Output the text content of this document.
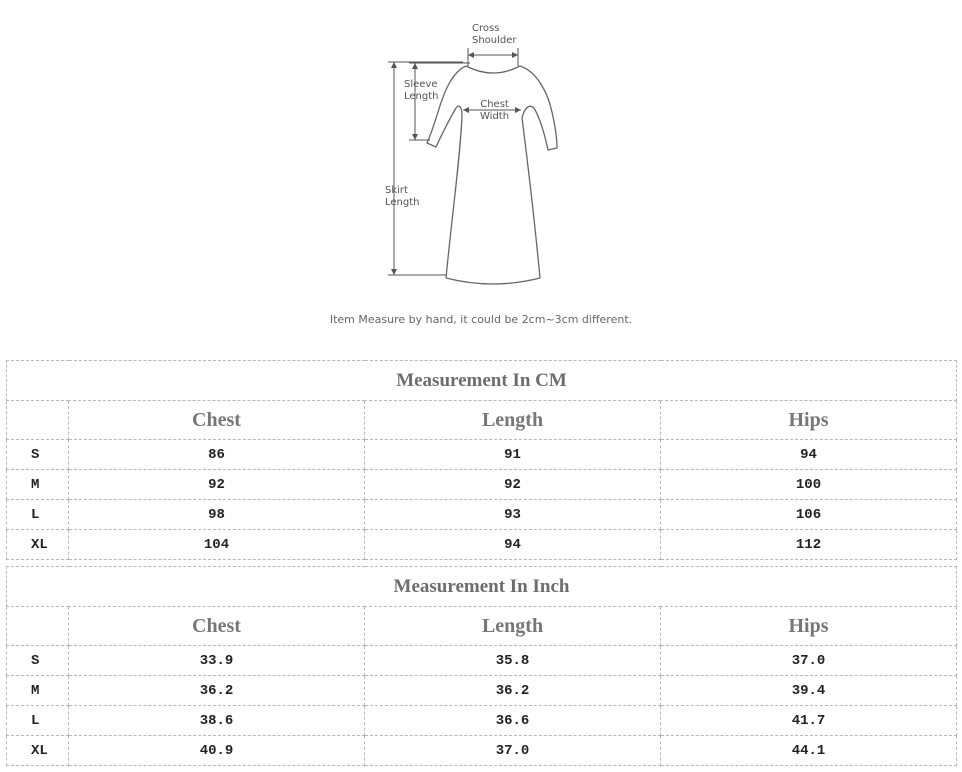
Cross
Shoulder
Sleeve
Length
Chest
Width
Skirt
Length
Item Measure by hand, it could be 2cm~3cm different.
Measurement In CM			
	Chest	Length	Hips
S	86	91	94
M	92	92	100
L	98	93	106
XL	104	94	112
Measurement In Inch			
	Chest	Length	Hips
S	33.9	35.8	37.0
M	36.2	36.2	39.4
L	38.6	36.6	41.7
XL	40.9	37.0	44.1
